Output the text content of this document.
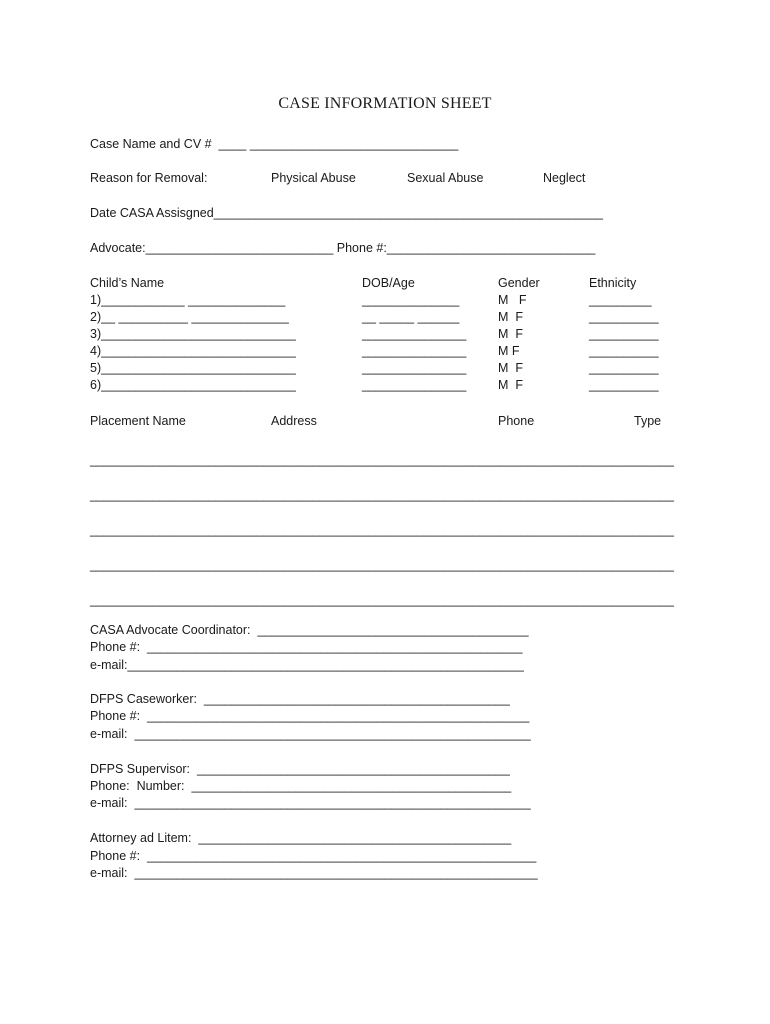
CASE INFORMATION SHEET
Case Name and CV #  ____ ______________________________
Reason for Removal:	Physical Abuse	Sexual Abuse	Neglect
Date CASA Assisgned________________________________________________________
Advocate:___________________________ Phone #:______________________________
Child’s Name	DOB/Age	Gender	Ethnicity
1)____________ ______________	______________	M   F	_________
2)__ __________ ______________	__ _____ ______	M  F	__________
3)____________________________	_______________	M  F	__________
4)____________________________	_______________	M F	__________
5)____________________________	_______________	M  F	__________
6)____________________________	_______________	M  F	__________
Placement Name	Address	Phone	Type
____________________________________________________________________________________
____________________________________________________________________________________
____________________________________________________________________________________
____________________________________________________________________________________
____________________________________________________________________________________
CASA Advocate Coordinator:  _______________________________________
Phone #:  ______________________________________________________
e-mail:_________________________________________________________
DFPS Caseworker:  ____________________________________________
Phone #:  _______________________________________________________
e-mail:  _________________________________________________________
DFPS Supervisor:  _____________________________________________
Phone:  Number:  ______________________________________________
e-mail:  _________________________________________________________
Attorney ad Litem:  _____________________________________________
Phone #:  ________________________________________________________
e-mail:  __________________________________________________________
